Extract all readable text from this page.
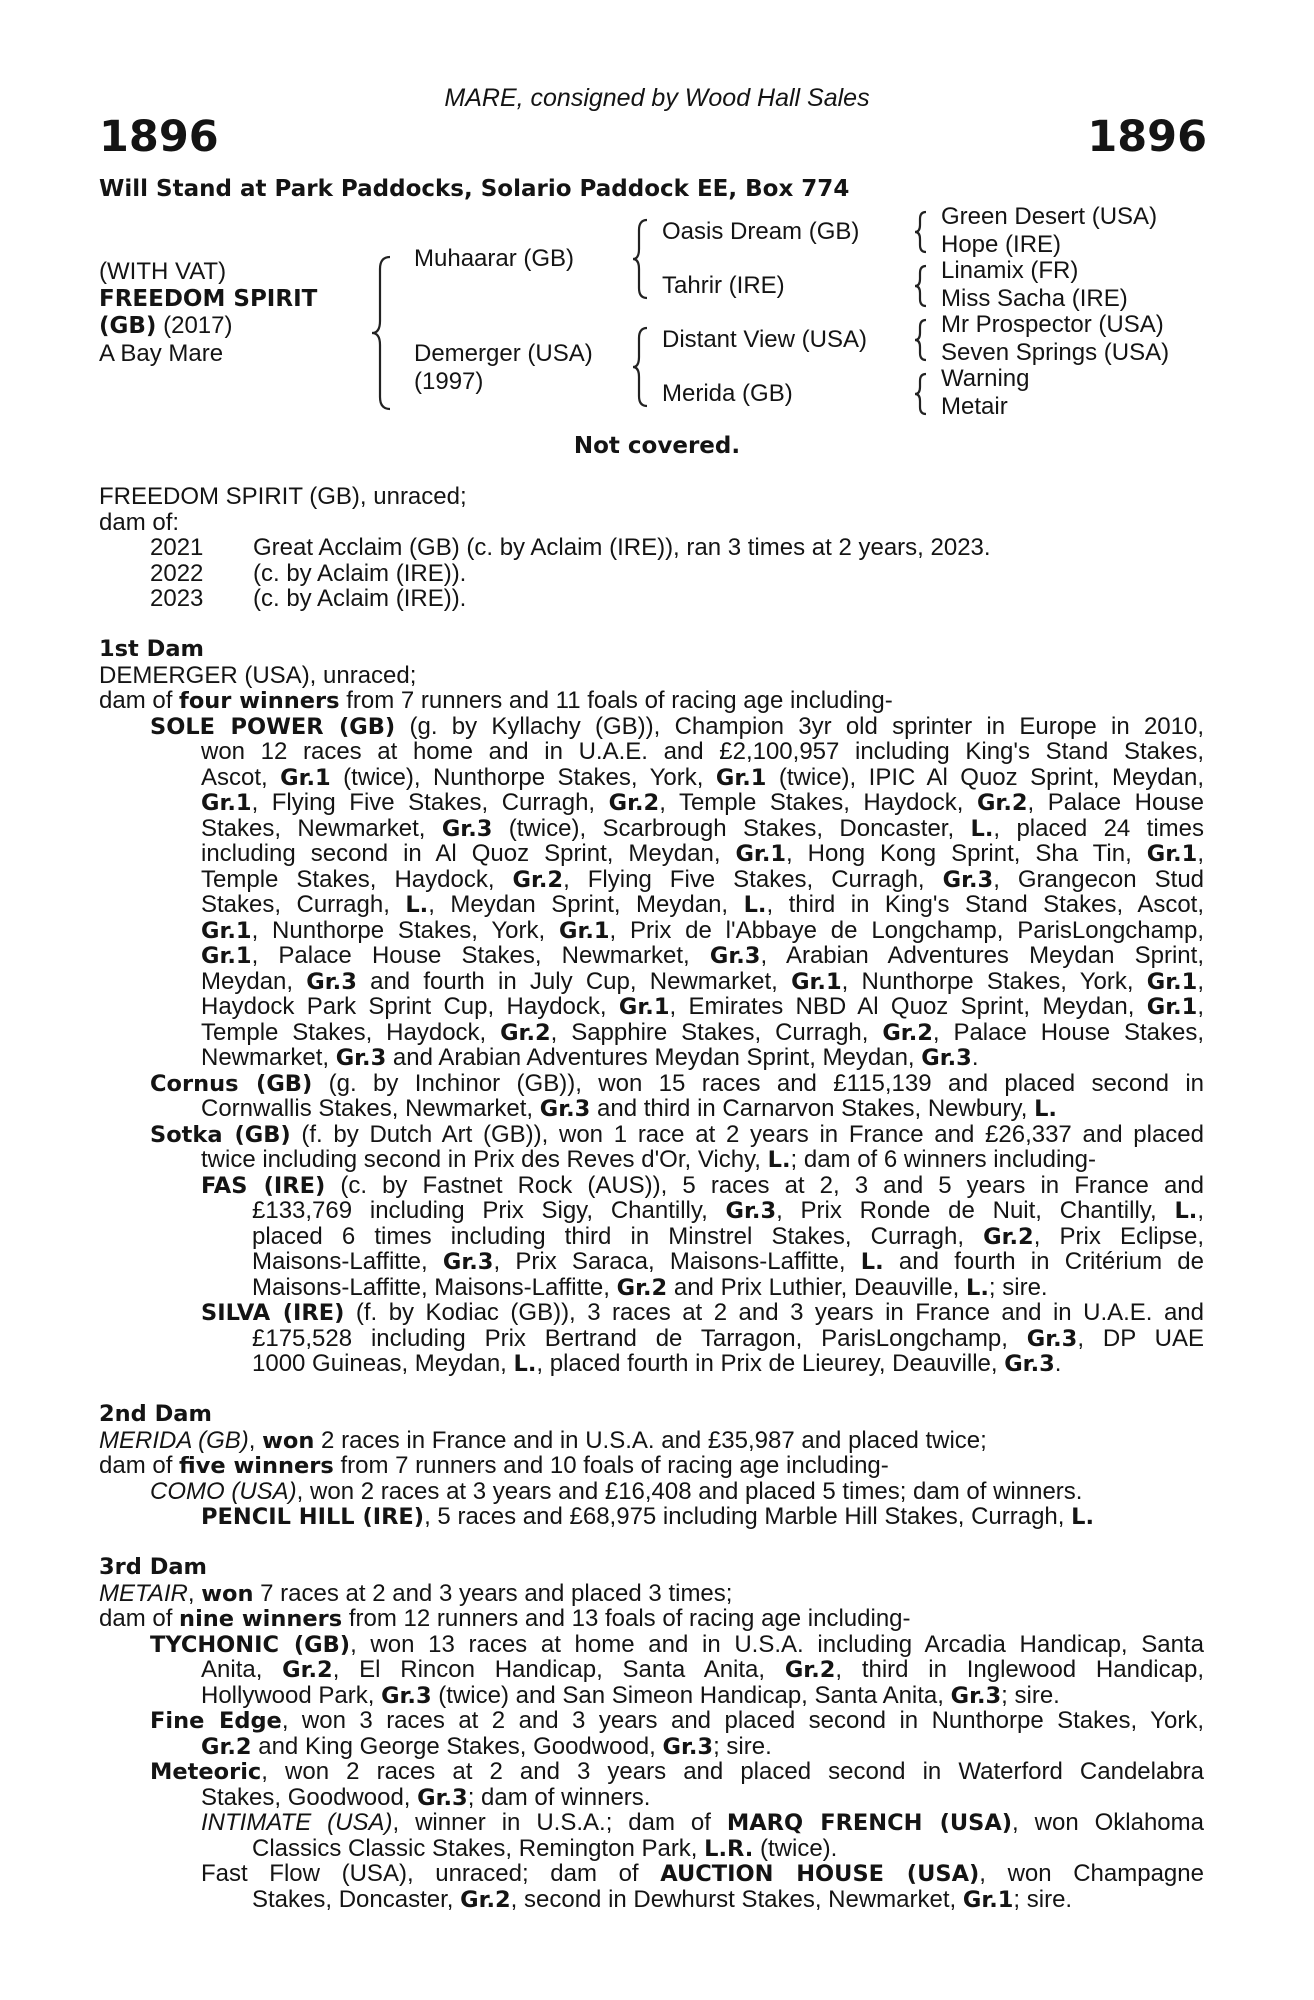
MARE, consigned by Wood Hall Sales
1896	1896
Will Stand at Park Paddocks, Solario Paddock EE, Box 774
(WITH VAT)
FREEDOM SPIRIT
(GB) (2017)
A Bay Mare
Muhaarar (GB)
Demerger (USA)
(1997)
Oasis Dream (GB)
Tahrir (IRE)
Distant View (USA)
Merida (GB)
Green Desert (USA)
Hope (IRE)
Linamix (FR)
Miss Sacha (IRE)
Mr Prospector (USA)
Seven Springs (USA)
Warning
Metair
Not covered.
FREEDOM SPIRIT (GB), unraced;
dam of:
2021 Great Acclaim (GB) (c. by Aclaim (IRE)), ran 3 times at 2 years, 2023.
2022 (c. by Aclaim (IRE)).
2023 (c. by Aclaim (IRE)).
1st Dam
DEMERGER (USA), unraced;
dam of four winners from 7 runners and 11 foals of racing age including-
SOLE POWER (GB) (g. by Kyllachy (GB)), Champion 3yr old sprinter in Europe in 2010,
won 12 races at home and in U.A.E. and £2,100,957 including King's Stand Stakes,
Ascot, Gr.1 (twice), Nunthorpe Stakes, York, Gr.1 (twice), IPIC Al Quoz Sprint, Meydan,
Gr.1, Flying Five Stakes, Curragh, Gr.2, Temple Stakes, Haydock, Gr.2, Palace House
Stakes, Newmarket, Gr.3 (twice), Scarbrough Stakes, Doncaster, L., placed 24 times
including second in Al Quoz Sprint, Meydan, Gr.1, Hong Kong Sprint, Sha Tin, Gr.1,
Temple Stakes, Haydock, Gr.2, Flying Five Stakes, Curragh, Gr.3, Grangecon Stud
Stakes, Curragh, L., Meydan Sprint, Meydan, L., third in King's Stand Stakes, Ascot,
Gr.1, Nunthorpe Stakes, York, Gr.1, Prix de l'Abbaye de Longchamp, ParisLongchamp,
Gr.1, Palace House Stakes, Newmarket, Gr.3, Arabian Adventures Meydan Sprint,
Meydan, Gr.3 and fourth in July Cup, Newmarket, Gr.1, Nunthorpe Stakes, York, Gr.1,
Haydock Park Sprint Cup, Haydock, Gr.1, Emirates NBD Al Quoz Sprint, Meydan, Gr.1,
Temple Stakes, Haydock, Gr.2, Sapphire Stakes, Curragh, Gr.2, Palace House Stakes,
Newmarket, Gr.3 and Arabian Adventures Meydan Sprint, Meydan, Gr.3.
Cornus (GB) (g. by Inchinor (GB)), won 15 races and £115,139 and placed second in
Cornwallis Stakes, Newmarket, Gr.3 and third in Carnarvon Stakes, Newbury, L.
Sotka (GB) (f. by Dutch Art (GB)), won 1 race at 2 years in France and £26,337 and placed
twice including second in Prix des Reves d'Or, Vichy, L.; dam of 6 winners including-
FAS (IRE) (c. by Fastnet Rock (AUS)), 5 races at 2, 3 and 5 years in France and
£133,769 including Prix Sigy, Chantilly, Gr.3, Prix Ronde de Nuit, Chantilly, L.,
placed 6 times including third in Minstrel Stakes, Curragh, Gr.2, Prix Eclipse,
Maisons-Laffitte, Gr.3, Prix Saraca, Maisons-Laffitte, L. and fourth in Critérium de
Maisons-Laffitte, Maisons-Laffitte, Gr.2 and Prix Luthier, Deauville, L.; sire.
SILVA (IRE) (f. by Kodiac (GB)), 3 races at 2 and 3 years in France and in U.A.E. and
£175,528 including Prix Bertrand de Tarragon, ParisLongchamp, Gr.3, DP UAE
1000 Guineas, Meydan, L., placed fourth in Prix de Lieurey, Deauville, Gr.3.
2nd Dam
MERIDA (GB), won 2 races in France and in U.S.A. and £35,987 and placed twice;
dam of five winners from 7 runners and 10 foals of racing age including-
COMO (USA), won 2 races at 3 years and £16,408 and placed 5 times; dam of winners.
PENCIL HILL (IRE), 5 races and £68,975 including Marble Hill Stakes, Curragh, L.
3rd Dam
METAIR, won 7 races at 2 and 3 years and placed 3 times;
dam of nine winners from 12 runners and 13 foals of racing age including-
TYCHONIC (GB), won 13 races at home and in U.S.A. including Arcadia Handicap, Santa
Anita, Gr.2, El Rincon Handicap, Santa Anita, Gr.2, third in Inglewood Handicap,
Hollywood Park, Gr.3 (twice) and San Simeon Handicap, Santa Anita, Gr.3; sire.
Fine Edge, won 3 races at 2 and 3 years and placed second in Nunthorpe Stakes, York,
Gr.2 and King George Stakes, Goodwood, Gr.3; sire.
Meteoric, won 2 races at 2 and 3 years and placed second in Waterford Candelabra
Stakes, Goodwood, Gr.3; dam of winners.
INTIMATE (USA), winner in U.S.A.; dam of MARQ FRENCH (USA), won Oklahoma
Classics Classic Stakes, Remington Park, L.R. (twice).
Fast Flow (USA), unraced; dam of AUCTION HOUSE (USA), won Champagne
Stakes, Doncaster, Gr.2, second in Dewhurst Stakes, Newmarket, Gr.1; sire.
